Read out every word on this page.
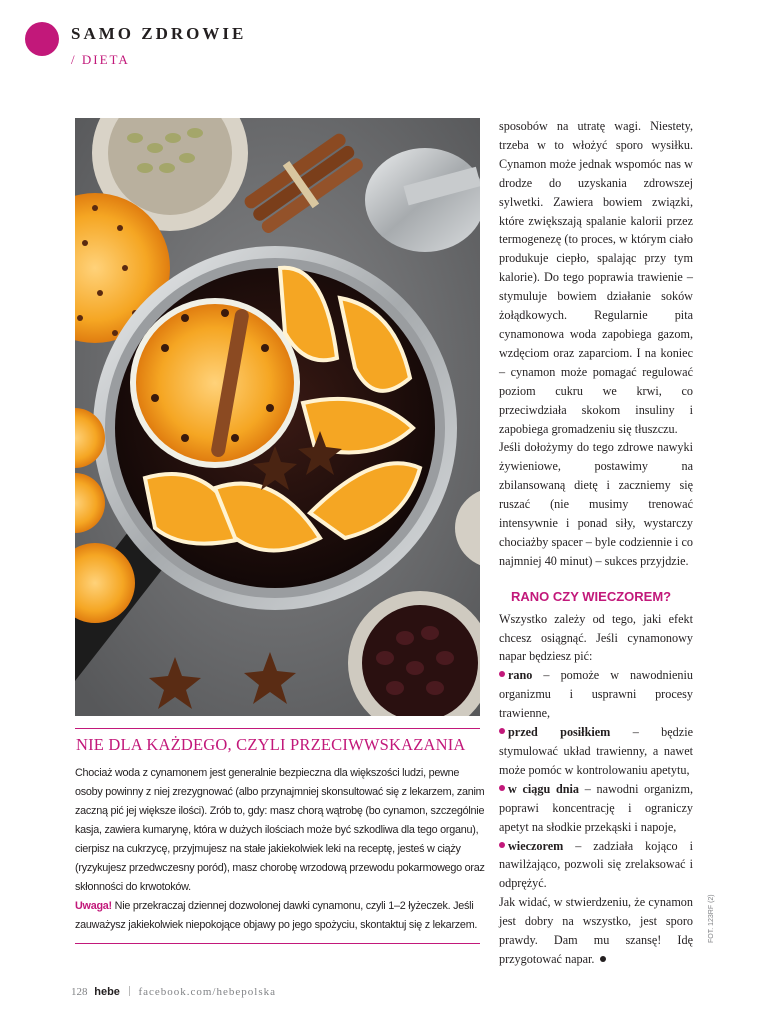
SAMO ZDROWIE
/ DIETA

sposobów na utratę wagi. Niestety, trzeba w to włożyć sporo wysiłku. Cynamon może jednak wspomóc nas w drodze do uzyskania zdrowszej sylwetki. Zawiera bowiem związki, które zwiększają spalanie kalorii przez termogenezę (to proces, w którym ciało produkuje ciepło, spalając przy tym kalorie). Do tego poprawia trawienie – stymuluje bowiem działanie soków żołądkowych. Regularnie pita cynamonowa woda zapobiega gazom, wzdęciom oraz zaparciom. I na koniec – cynamon może pomagać regulować poziom cukru we krwi, co przeciwdziała skokom insuliny i zapobiega gromadzeniu się tłuszczu.

Jeśli dołożymy do tego zdrowe nawyki żywieniowe, postawimy na zbilansowaną dietę i zaczniemy się ruszać (nie musimy trenować intensywnie i ponad siły, wystarczy chociażby spacer – byle codziennie i co najmniej 40 minut) – sukces przyjdzie.

RANO CZY WIECZOREM?

Wszystko zależy od tego, jaki efekt chcesz osiągnąć. Jeśli cynamonowy napar będziesz pić:

rano – pomoże w nawodnieniu organizmu i usprawni procesy trawienne,

przed posiłkiem – będzie stymulować układ trawienny, a nawet może pomóc w kontrolowaniu apetytu,

w ciągu dnia – nawodni organizm, poprawi koncentrację i ograniczy apetyt na słodkie przekąski i napoje,

wieczorem – zadziała kojąco i nawilżająco, pozwoli się zrelaksować i odprężyć.

Jak widać, w stwierdzeniu, że cynamon jest dobry na wszystko, jest sporo prawdy. Dam mu szansę! Idę przygotować napar.

NIE DLA KAŻDEGO, CZYLI PRZECIWWSKAZANIA
Chociaż woda z cynamonem jest generalnie bezpieczna dla większości ludzi, pewne osoby powinny z niej zrezygnować (albo przynajmniej skonsultować się z lekarzem, zanim zaczną pić jej większe ilości). Zrób to, gdy: masz chorą wątrobę (bo cynamon, szczególnie kasja, zawiera kumarynę, która w dużych ilościach może być szkodliwa dla tego organu), cierpisz na cukrzycę, przyjmujesz na stałe jakiekolwiek leki na receptę, jesteś w ciąży (ryzykujesz przedwczesny poród), masz chorobę wrzodową przewodu pokarmowego oraz skłonności do krwotoków.
Uwaga! Nie przekraczaj dziennej dozwolonej dawki cynamonu, czyli 1–2 łyżeczek. Jeśli zauważysz jakiekolwiek niepokojące objawy po jego spożyciu, skontaktuj się z lekarzem.
128 hebe facebook.com/hebepolska
FOT. 123RF (2)
